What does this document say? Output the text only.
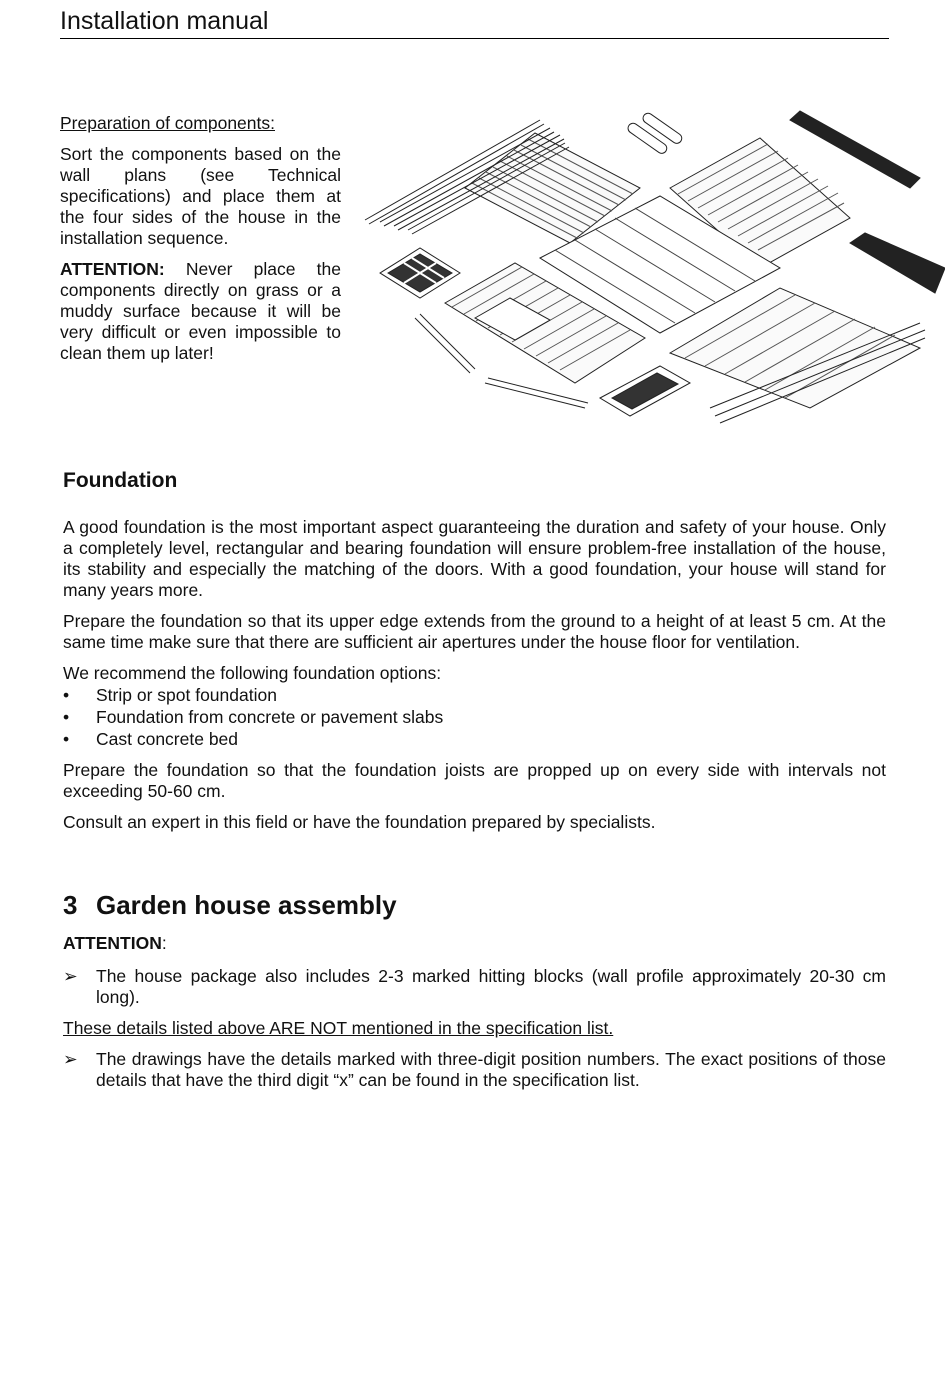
Installation manual
Preparation of components:

Sort the components based on the wall plans (see Technical specifications) and place them at the four sides of the house in the installation sequence.

ATTENTION: Never place the components directly on grass or a muddy surface because it will be very difficult or even impossible to clean them up later!

Foundation

A good foundation is the most important aspect guaranteeing the duration and safety of your house. Only a completely level, rectangular and bearing foundation will ensure problem-free installation of the house, its stability and especially the matching of the doors. With a good foundation, your house will stand for many years more.

Prepare the foundation so that its upper edge extends from the ground to a height of at least 5 cm. At the same time make sure that there are sufficient air apertures under the house floor for ventilation.

We recommend the following foundation options:

• Strip or spot foundation
• Foundation from concrete or pavement slabs
• Cast concrete bed

Prepare the foundation so that the foundation joists are propped up on every side with intervals not exceeding 50-60 cm.

Consult an expert in this field or have the foundation prepared by specialists.

3 Garden house assembly

ATTENTION:

➢ The house package also includes 2-3 marked hitting blocks (wall profile approximately 20-30 cm long).

These details listed above ARE NOT mentioned in the specification list.

➢ The drawings have the details marked with three-digit position numbers. The exact positions of those details that have the third digit “x” can be found in the specification list.
